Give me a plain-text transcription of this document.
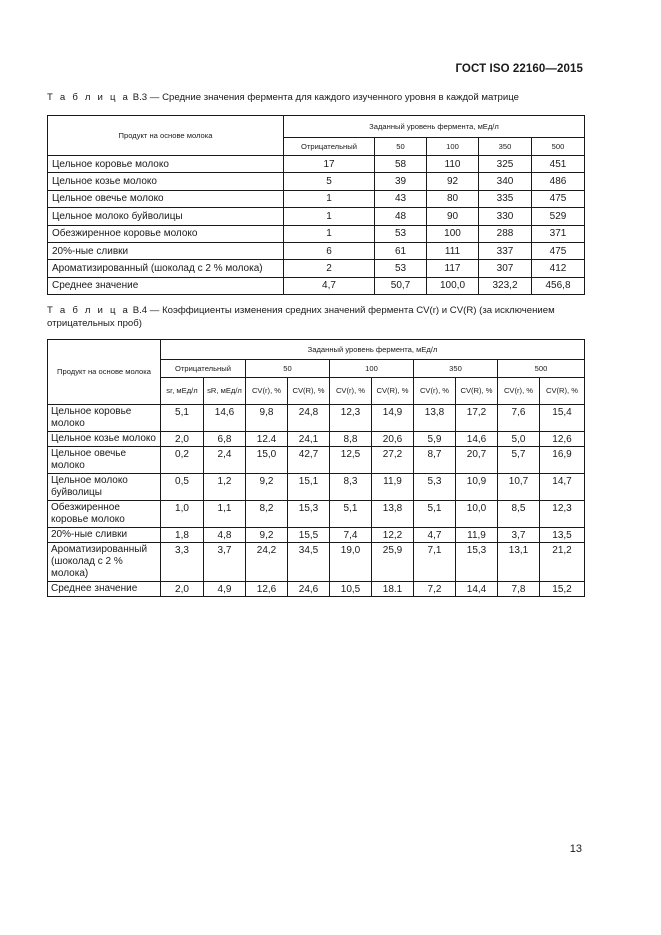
ГОСТ ISO 22160—2015
Т а б л и ц а В.3 — Средние значения фермента для каждого изученного уровня в каждой матрице
Продукт на основе молока	Заданный уровень фермента, мЕд/л				
	Отрицательный	50	100	350	500
Цельное коровье молоко	17	58	110	325	451
Цельное козье молоко	5	39	92	340	486
Цельное овечье молоко	1	43	80	335	475
Цельное молоко буйволицы	1	48	90	330	529
Обезжиренное коровье молоко	1	53	100	288	371
20%-ные сливки	6	61	111	337	475
Ароматизированный (шоколад с 2 % молока)	2	53	117	307	412
Среднее значение	4,7	50,7	100,0	323,2	456,8
Т а б л и ц а В.4 — Коэффициенты изменения средних значений фермента CV(r) и CV(R) (за исключением отрицательных проб)
Продукт на основе молока	Заданный уровень фермента, мЕд/л									
	Отрицательный		50		100		350		500	
	sr, мЕд/л	sR, мЕд/л	CV(r), %	CV(R), %	CV(r), %	CV(R), %	CV(r), %	CV(R), %	CV(r), %	CV(R), %
Цельное коровье молоко	5,1	14,6	9,8	24,8	12,3	14,9	13,8	17,2	7,6	15,4
Цельное козье молоко	2,0	6,8	12.4	24,1	8,8	20,6	5,9	14,6	5,0	12,6
Цельное овечье молоко	0,2	2,4	15,0	42,7	12,5	27,2	8,7	20,7	5,7	16,9
Цельное молоко буйволицы	0,5	1,2	9,2	15,1	8,3	11,9	5,3	10,9	10,7	14,7
Обезжиренное коровье молоко	1,0	1,1	8,2	15,3	5,1	13,8	5,1	10,0	8,5	12,3
20%-ные сливки	1,8	4,8	9,2	15,5	7,4	12,2	4,7	11,9	3,7	13,5
Ароматизированный (шоколад с 2 % молока)	3,3	3,7	24,2	34,5	19,0	25,9	7,1	15,3	13,1	21,2
Среднее значение	2,0	4,9	12,6	24,6	10,5	18.1	7,2	14,4	7,8	15,2
13
